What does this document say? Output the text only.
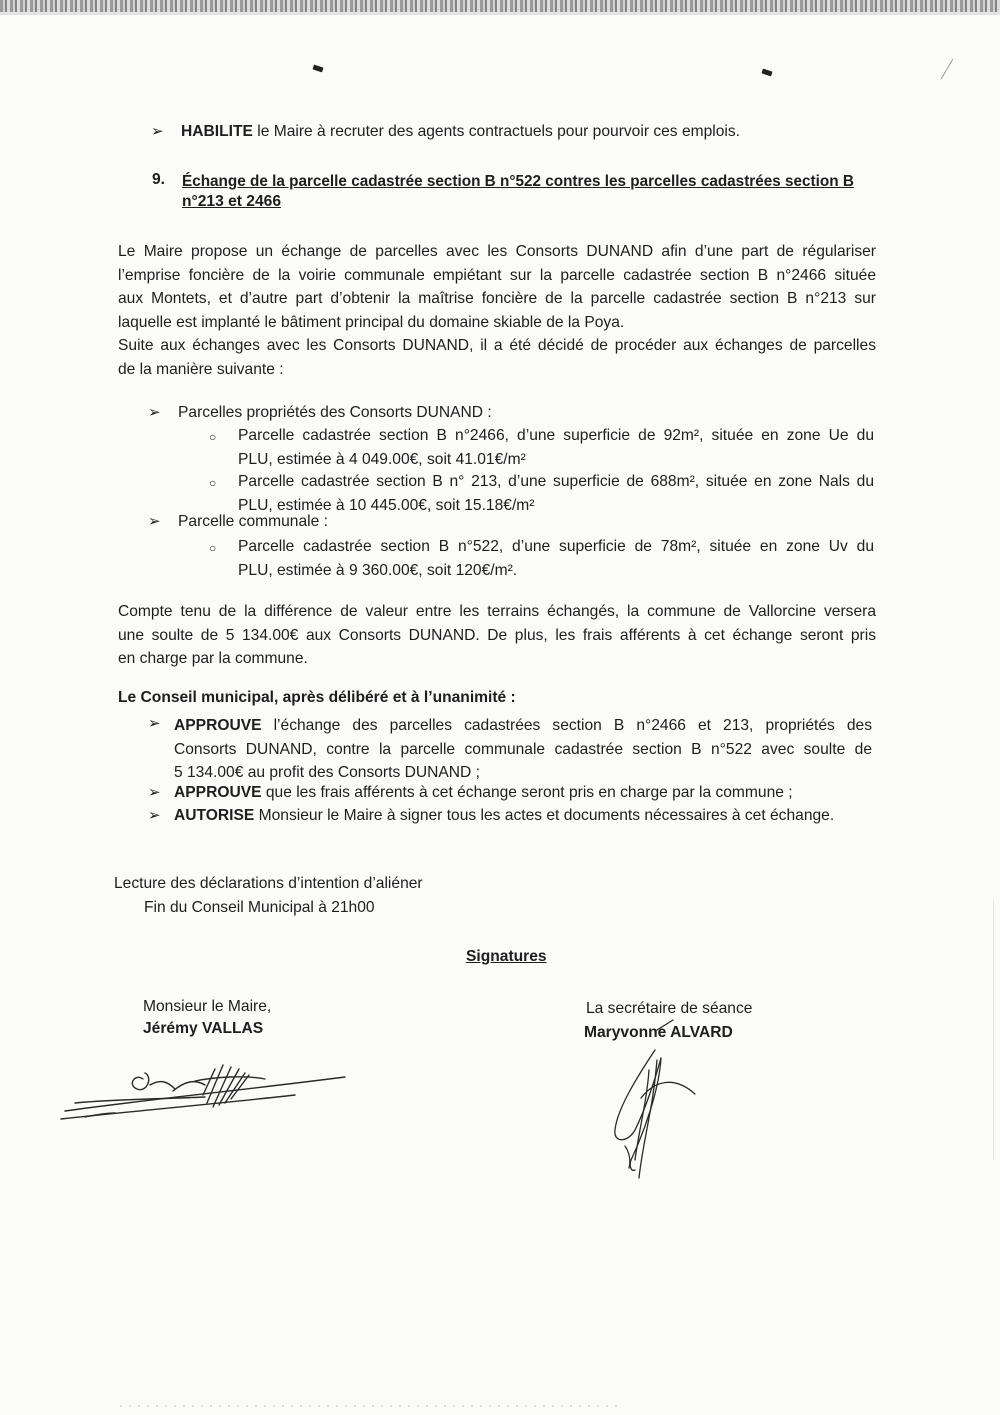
➢ HABILITE le Maire à recruter des agents contractuels pour pourvoir ces emplois.
9. Échange de la parcelle cadastrée section B n°522 contres les parcelles cadastrées section B
n°213 et 2466

Le Maire propose un échange de parcelles avec les Consorts DUNAND afin d’une part de régulariser
l’emprise foncière de la voirie communale empiétant sur la parcelle cadastrée section B n°2466 située
aux Montets, et d’autre part d’obtenir la maîtrise foncière de la parcelle cadastrée section B n°213 sur
laquelle est implanté le bâtiment principal du domaine skiable de la Poya.

Suite aux échanges avec les Consorts DUNAND, il a été décidé de procéder aux échanges de parcelles
de la manière suivante :

➢ Parcelles propriétés des Consorts DUNAND :
○ Parcelle cadastrée section B n°2466, d’une superficie de 92m², située en zone Ue du
PLU, estimée à 4 049.00€, soit 41.01€/m²

○ Parcelle cadastrée section B n° 213, d’une superficie de 688m², située en zone Nals du
PLU, estimée à 10 445.00€, soit 15.18€/m²

➢ Parcelle communale :
○ Parcelle cadastrée section B n°522, d’une superficie de 78m², située en zone Uv du
PLU, estimée à 9 360.00€, soit 120€/m².

Compte tenu de la différence de valeur entre les terrains échangés, la commune de Vallorcine versera
une soulte de 5 134.00€ aux Consorts DUNAND. De plus, les frais afférents à cet échange seront pris
en charge par la commune.

Le Conseil municipal, après délibéré et à l’unanimité :
➢ APPROUVE l’échange des parcelles cadastrées section B n°2466 et 213, propriétés des
Consorts DUNAND, contre la parcelle communale cadastrée section B n°522 avec soulte de
5 134.00€ au profit des Consorts DUNAND ;

➢ APPROUVE que les frais afférents à cet échange seront pris en charge par la commune ;
➢ AUTORISE Monsieur le Maire à signer tous les actes et documents nécessaires à cet échange.
Lecture des déclarations d’intention d’aliéner
Fin du Conseil Municipal à 21h00
Signatures
Monsieur le Maire,
Jérémy VALLAS
La secrétaire de séance
Maryvonne ALVARD
